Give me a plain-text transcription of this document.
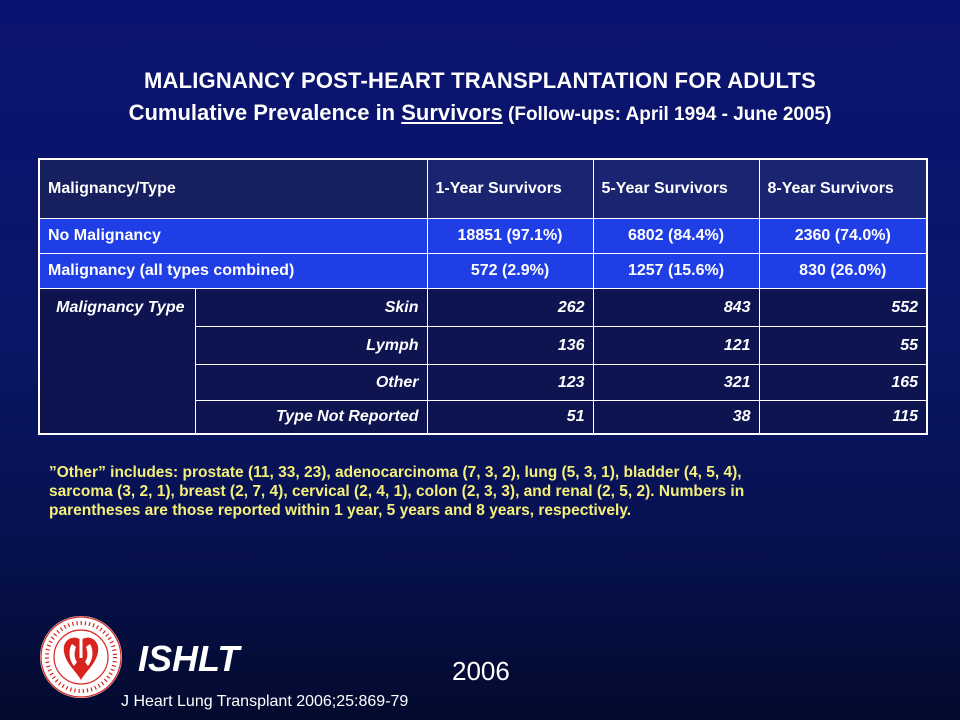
MALIGNANCY POST-HEART TRANSPLANTATION FOR ADULTS
Cumulative Prevalence in Survivors (Follow-ups: April 1994 - June 2005)
Malignancy/Type		1-Year Survivors	5-Year Survivors	8-Year Survivors
No Malignancy		18851 (97.1%)	6802 (84.4%)	2360 (74.0%)
Malignancy (all types combined)		572 (2.9%)	1257 (15.6%)	830 (26.0%)
Malignancy Type	Skin	262	843	552
	Lymph	136	121	55
	Other	123	321	165
	Type Not Reported	51	38	115
”Other” includes: prostate (11, 33, 23), adenocarcinoma (7, 3, 2), lung (5, 3, 1), bladder (4, 5, 4), sarcoma (3, 2, 1), breast (2, 7, 4), cervical (2, 4, 1), colon (2, 3, 3), and renal (2, 5, 2). Numbers in parentheses are those reported within 1 year, 5 years and 8 years, respectively.
ISHLT	2006
J Heart Lung Transplant 2006;25:869-79
